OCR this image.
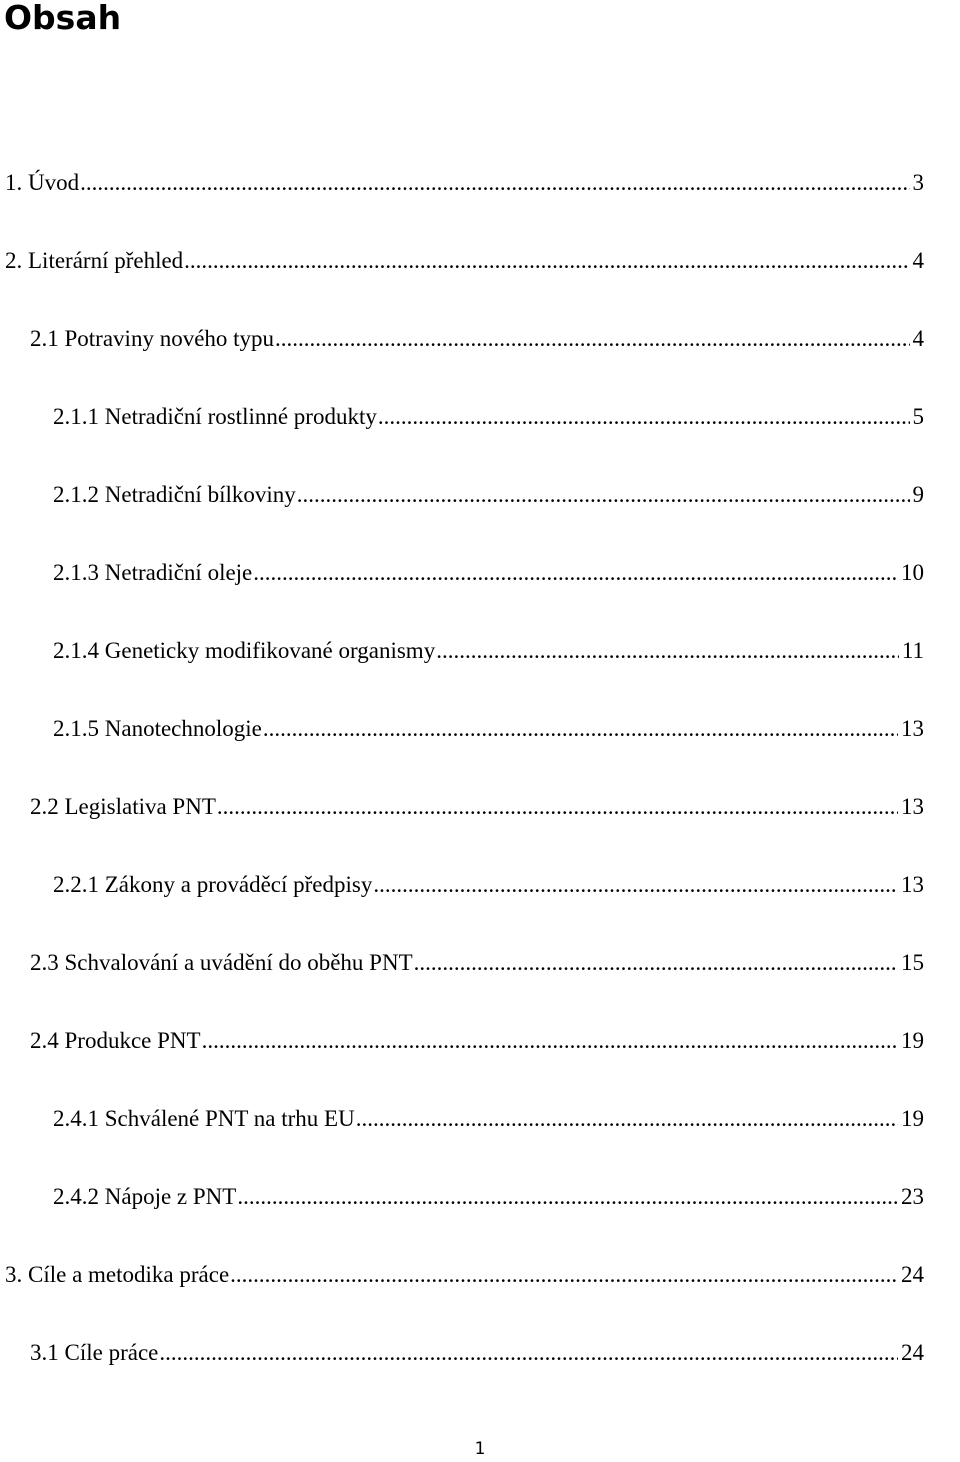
Obsah
1. Úvod .....	3
2. Literární přehled .....	4
2.1 Potraviny nového typu .....	4
2.1.1 Netradiční rostlinné produkty .....	5
2.1.2 Netradiční bílkoviny .....	9
2.1.3 Netradiční oleje .....	10
2.1.4 Geneticky modifikované organismy .....	11
2.1.5 Nanotechnologie .....	13
2.2 Legislativa PNT .....	13
2.2.1 Zákony a prováděcí předpisy .....	13
2.3 Schvalování a uvádění do oběhu PNT .....	15
2.4 Produkce PNT .....	19
2.4.1 Schválené PNT na trhu EU .....	19
2.4.2 Nápoje z PNT .....	23
3. Cíle a metodika práce .....	24
3.1 Cíle práce .....	24
1
